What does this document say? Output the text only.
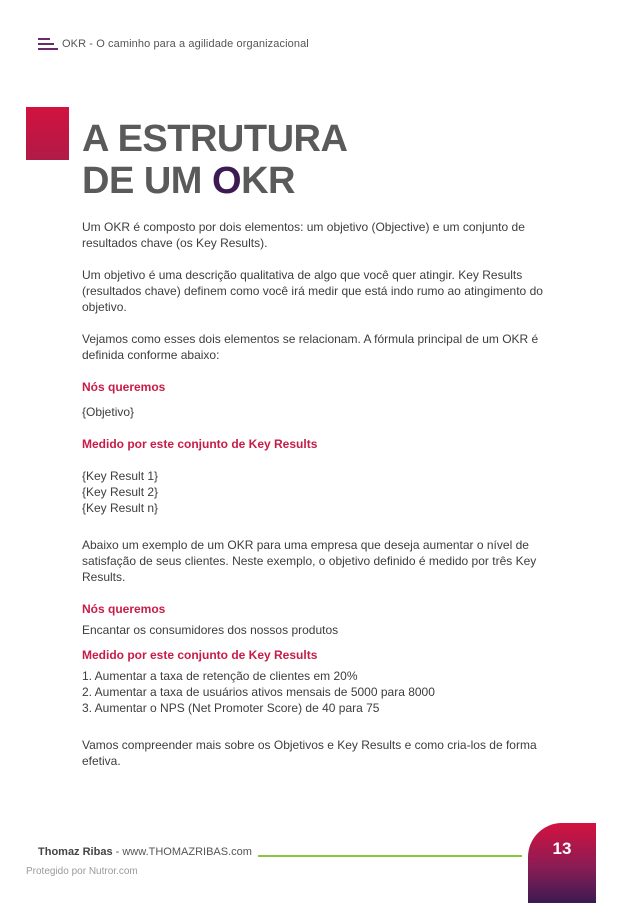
OKR - O caminho para a agilidade organizacional
A ESTRUTURA
DE UM OKR

Um OKR é composto por dois elementos: um objetivo (Objective) e um conjunto de resultados chave (os Key Results).

Um objetivo é uma descrição qualitativa de algo que você quer atingir. Key Results (resultados chave) definem como você irá medir que está indo rumo ao atingimento do objetivo.

Vejamos como esses dois elementos se relacionam. A fórmula principal de um OKR é definida conforme abaixo:

Nós queremos

{Objetivo}

Medido por este conjunto de Key Results

{Key Result 1}

{Key Result 2}

{Key Result n}

Abaixo um exemplo de um OKR para uma empresa que deseja aumentar o nível de satisfação de seus clientes. Neste exemplo, o objetivo definido é medido por três Key Results.

Nós queremos

Encantar os consumidores dos nossos produtos

Medido por este conjunto de Key Results

1. Aumentar a taxa de retenção de clientes em 20%

2. Aumentar a taxa de usuários ativos mensais de 5000 para 8000

3. Aumentar o NPS (Net Promoter Score) de 40 para 75

Vamos compreender mais sobre os Objetivos e Key Results e como cria-los de forma efetiva.

Thomaz Ribas - www.THOMAZRIBAS.com	13
Protegido por Nutror.com
